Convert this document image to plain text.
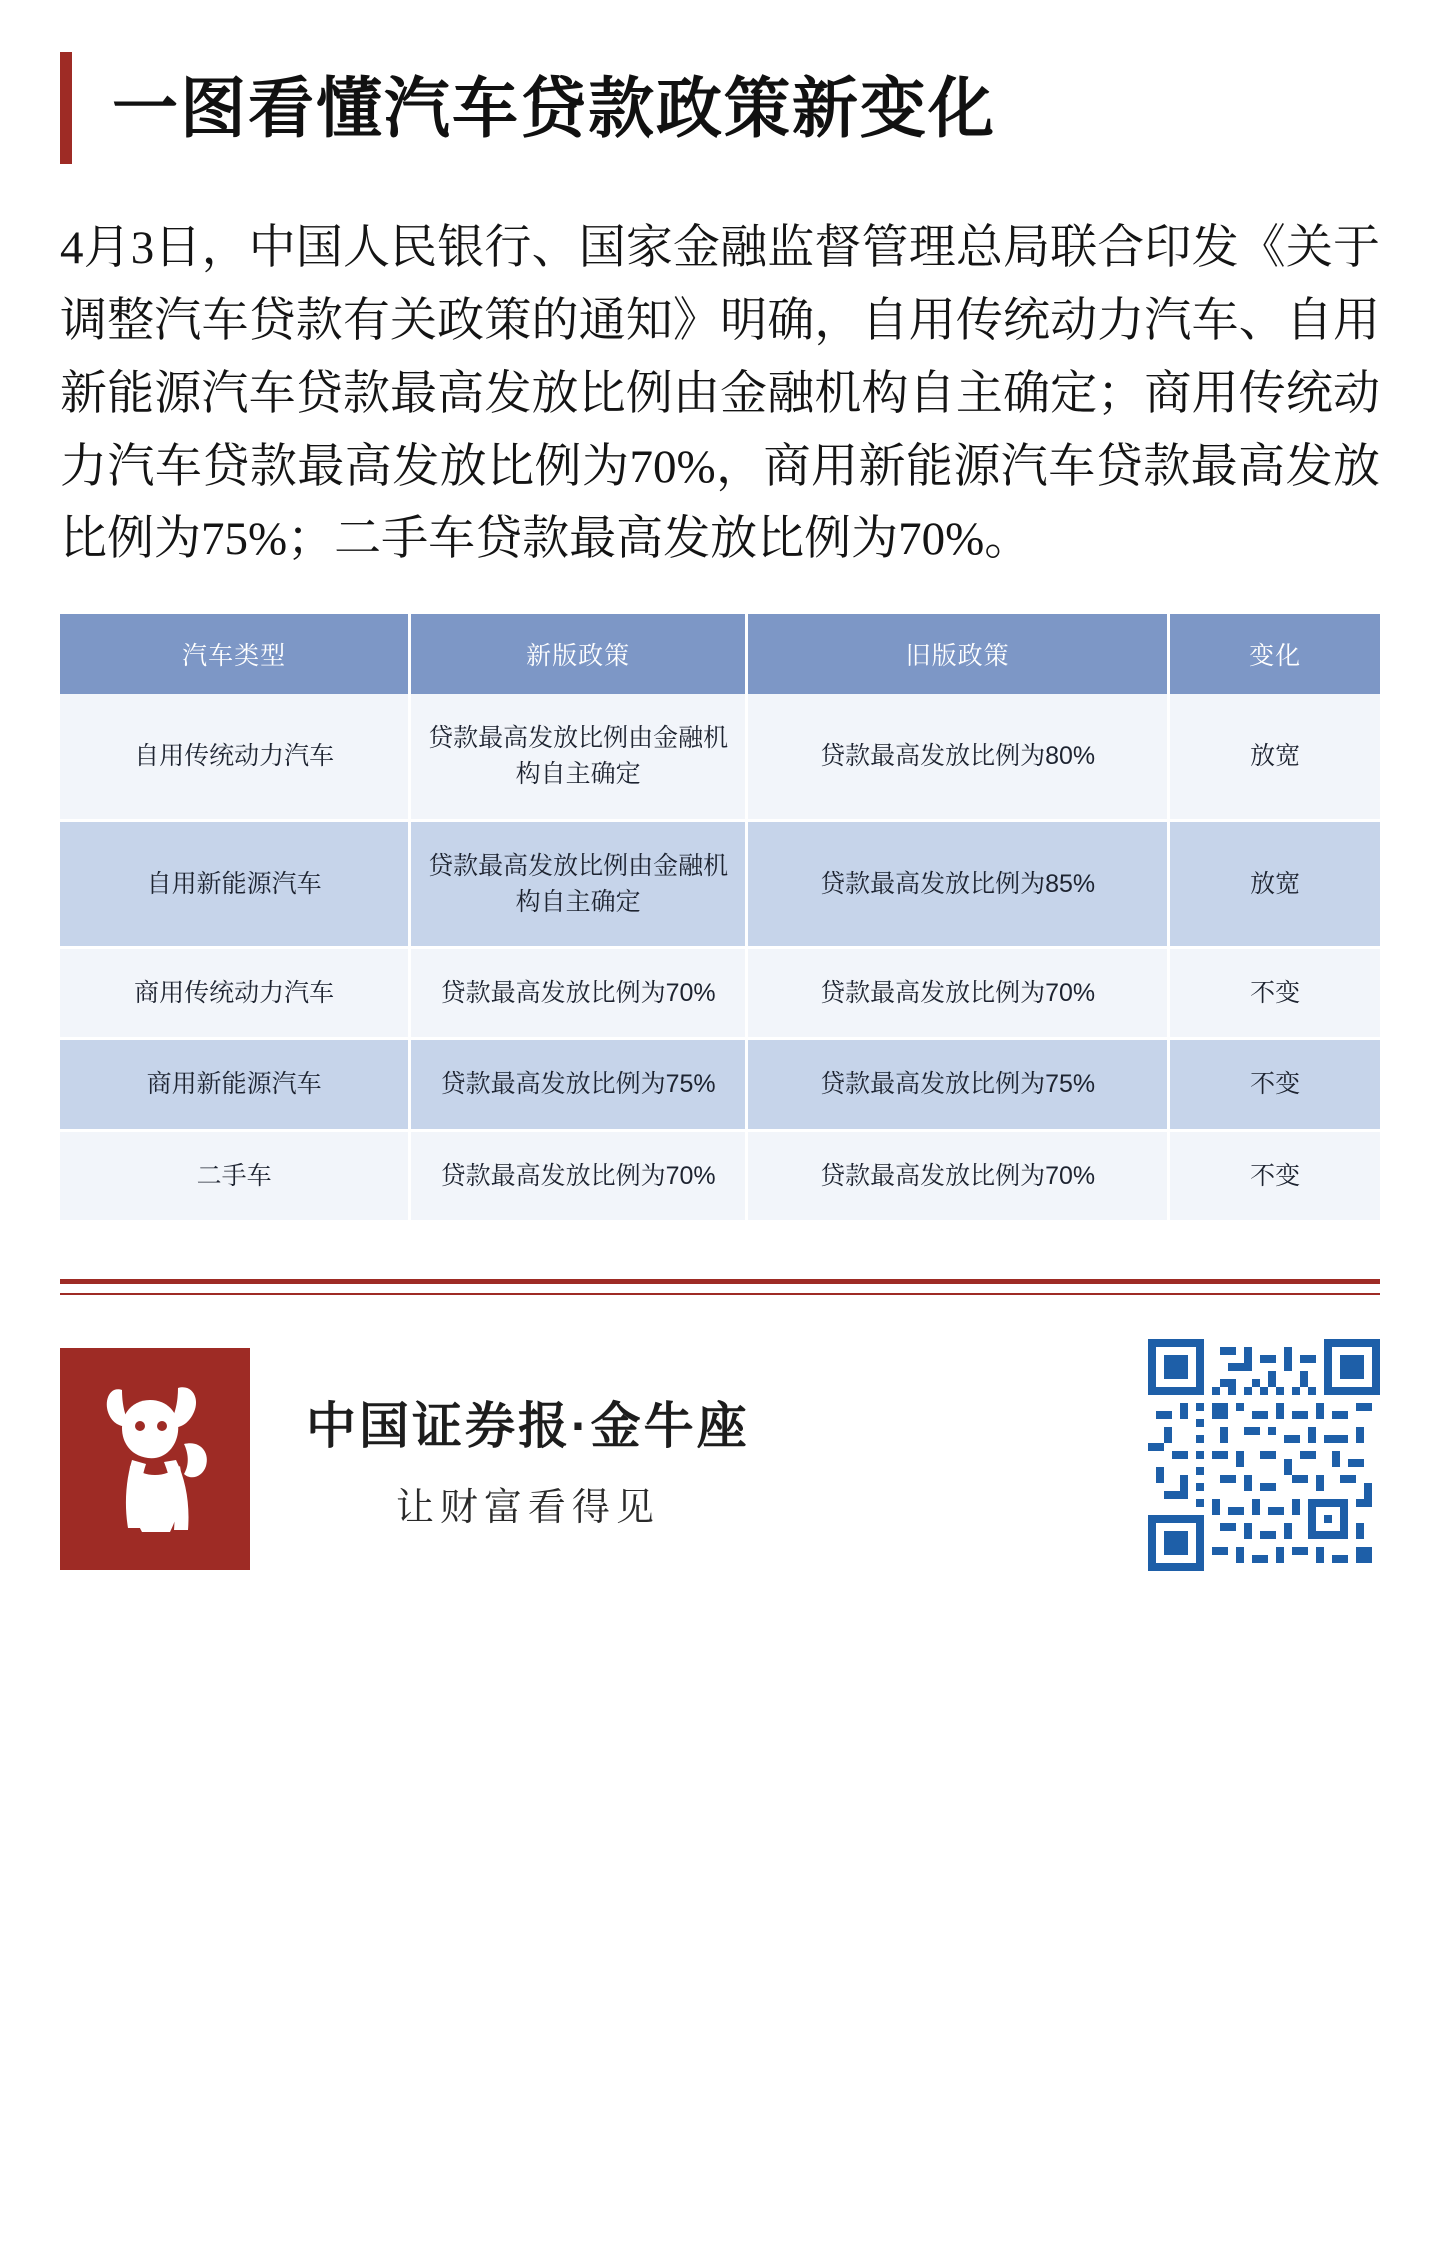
一图看懂汽车贷款政策新变化
4月3日，中国人民银行、国家金融监督管理总局联合印发《关于调整汽车贷款有关政策的通知》明确，自用传统动力汽车、自用新能源汽车贷款最高发放比例由金融机构自主确定；商用传统动力汽车贷款最高发放比例为70%，商用新能源汽车贷款最高发放比例为75%；二手车贷款最高发放比例为70%。
汽车类型	新版政策	旧版政策	变化
自用传统动力汽车	贷款最高发放比例由金融机构自主确定	贷款最高发放比例为80%	放宽
自用新能源汽车	贷款最高发放比例由金融机构自主确定	贷款最高发放比例为85%	放宽
商用传统动力汽车	贷款最高发放比例为70%	贷款最高发放比例为70%	不变
商用新能源汽车	贷款最高发放比例为75%	贷款最高发放比例为75%	不变
二手车	贷款最高发放比例为70%	贷款最高发放比例为70%	不变
中国证券报·金牛座
让财富看得见
